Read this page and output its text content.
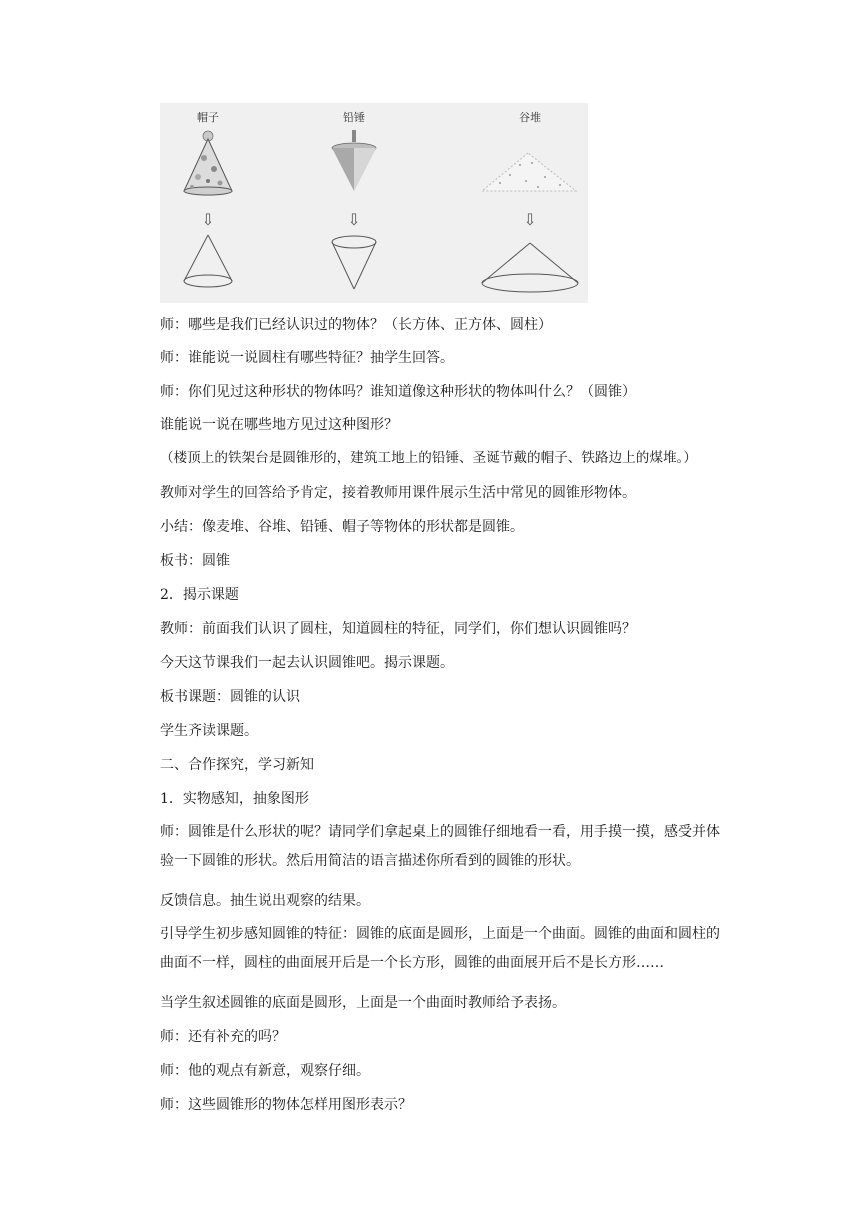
帽子	铅锤	谷堆
⇩	⇩	⇩
师：哪些是我们已经认识过的物体？（长方体、正方体、圆柱）
师：谁能说一说圆柱有哪些特征？抽学生回答。
师：你们见过这种形状的物体吗？谁知道像这种形状的物体叫什么？（圆锥）
谁能说一说在哪些地方见过这种图形？
（楼顶上的铁架台是圆锥形的，建筑工地上的铅锤、圣诞节戴的帽子、铁路边上的煤堆。）
教师对学生的回答给予肯定，接着教师用课件展示生活中常见的圆锥形物体。
小结：像麦堆、谷堆、铅锤、帽子等物体的形状都是圆锥。
板书：圆锥
2．揭示课题
教师：前面我们认识了圆柱，知道圆柱的特征，同学们，你们想认识圆锥吗？
今天这节课我们一起去认识圆锥吧。揭示课题。
板书课题：圆锥的认识
学生齐读课题。
二、合作探究，学习新知
1．实物感知，抽象图形
师：圆锥是什么形状的呢？请同学们拿起桌上的圆锥仔细地看一看，用手摸一摸，感受并体验一下圆锥的形状。然后用简洁的语言描述你所看到的圆锥的形状。
反馈信息。抽生说出观察的结果。
引导学生初步感知圆锥的特征：圆锥的底面是圆形，上面是一个曲面。圆锥的曲面和圆柱的曲面不一样，圆柱的曲面展开后是一个长方形，圆锥的曲面展开后不是长方形……
当学生叙述圆锥的底面是圆形，上面是一个曲面时教师给予表扬。
师：还有补充的吗？
师：他的观点有新意，观察仔细。
师：这些圆锥形的物体怎样用图形表示？
